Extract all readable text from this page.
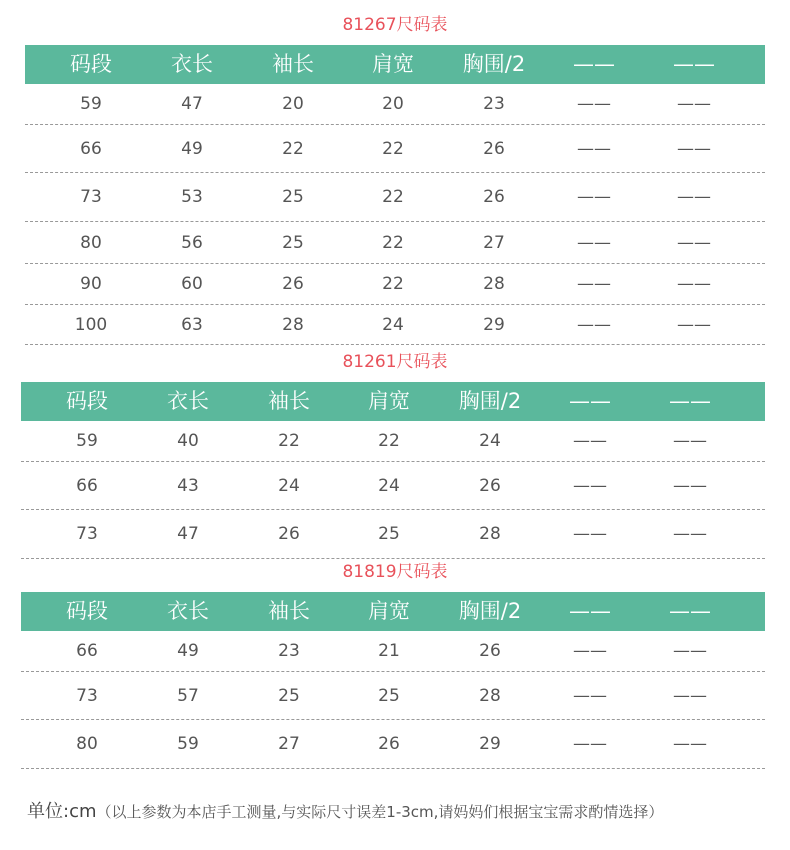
81267尺码表
码段	衣长	袖长	肩宽	胸围/2	——	——
59	47	20	20	23	——	——
66	49	22	22	26	——	——
73	53	25	22	26	——	——
80	56	25	22	27	——	——
90	60	26	22	28	——	——
100	63	28	24	29	——	——
81261尺码表
码段	衣长	袖长	肩宽	胸围/2	——	——
59	40	22	22	24	——	——
66	43	24	24	26	——	——
73	47	26	25	28	——	——
81819尺码表
码段	衣长	袖长	肩宽	胸围/2	——	——
66	49	23	21	26	——	——
73	57	25	25	28	——	——
80	59	27	26	29	——	——
单位:cm（以上参数为本店手工测量,与实际尺寸误差1-3cm,请妈妈们根据宝宝需求酌情选择）
